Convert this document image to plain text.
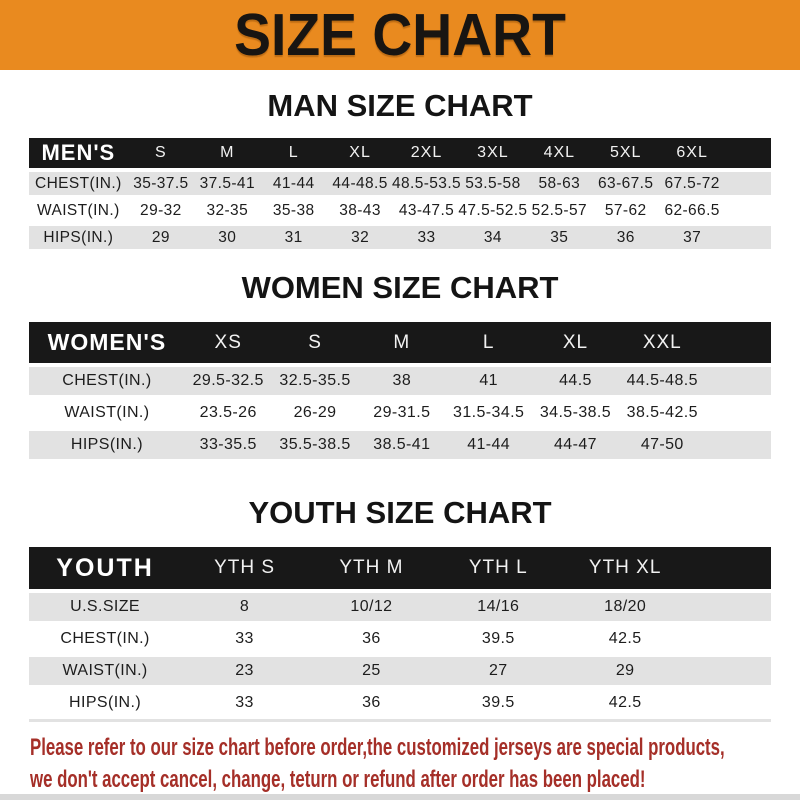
SIZE CHART
MAN SIZE CHART
MEN'S	S	M	L	XL	2XL	3XL	4XL	5XL	6XL
CHEST(IN.) 35-37.5 37.5-41	41-44	44-48.5 48.5-53.5 53.5-58	58-63	63-67.5 67.5-72
WAIST(IN.)	29-32	32-35	35-38	38-43	43-47.5 47.5-52.5 52.5-57	57-62	62-66.5
HIPS(IN.)	29	30	31	32	33	34	35	36	37
WOMEN SIZE CHART
WOMEN'S	XS	S	M	L	XL	XXL
CHEST(IN.)	29.5-32.5 32.5-35.5	38	41	44.5	44.5-48.5
WAIST(IN.)	23.5-26	26-29	29-31.5	31.5-34.5 34.5-38.5 38.5-42.5
HIPS(IN.)	33-35.5	35.5-38.5	38.5-41	41-44	44-47	47-50
YOUTH SIZE CHART
YOUTH	YTH S	YTH M	YTH L	YTH XL
U.S.SIZE	8	10/12	14/16	18/20
CHEST(IN.)	33	36	39.5	42.5
WAIST(IN.)	23	25	27	29
HIPS(IN.)	33	36	39.5	42.5
Please refer to our size chart before order,the customized jerseys are special products,
we don't accept cancel, change, teturn or refund after order has been placed!
